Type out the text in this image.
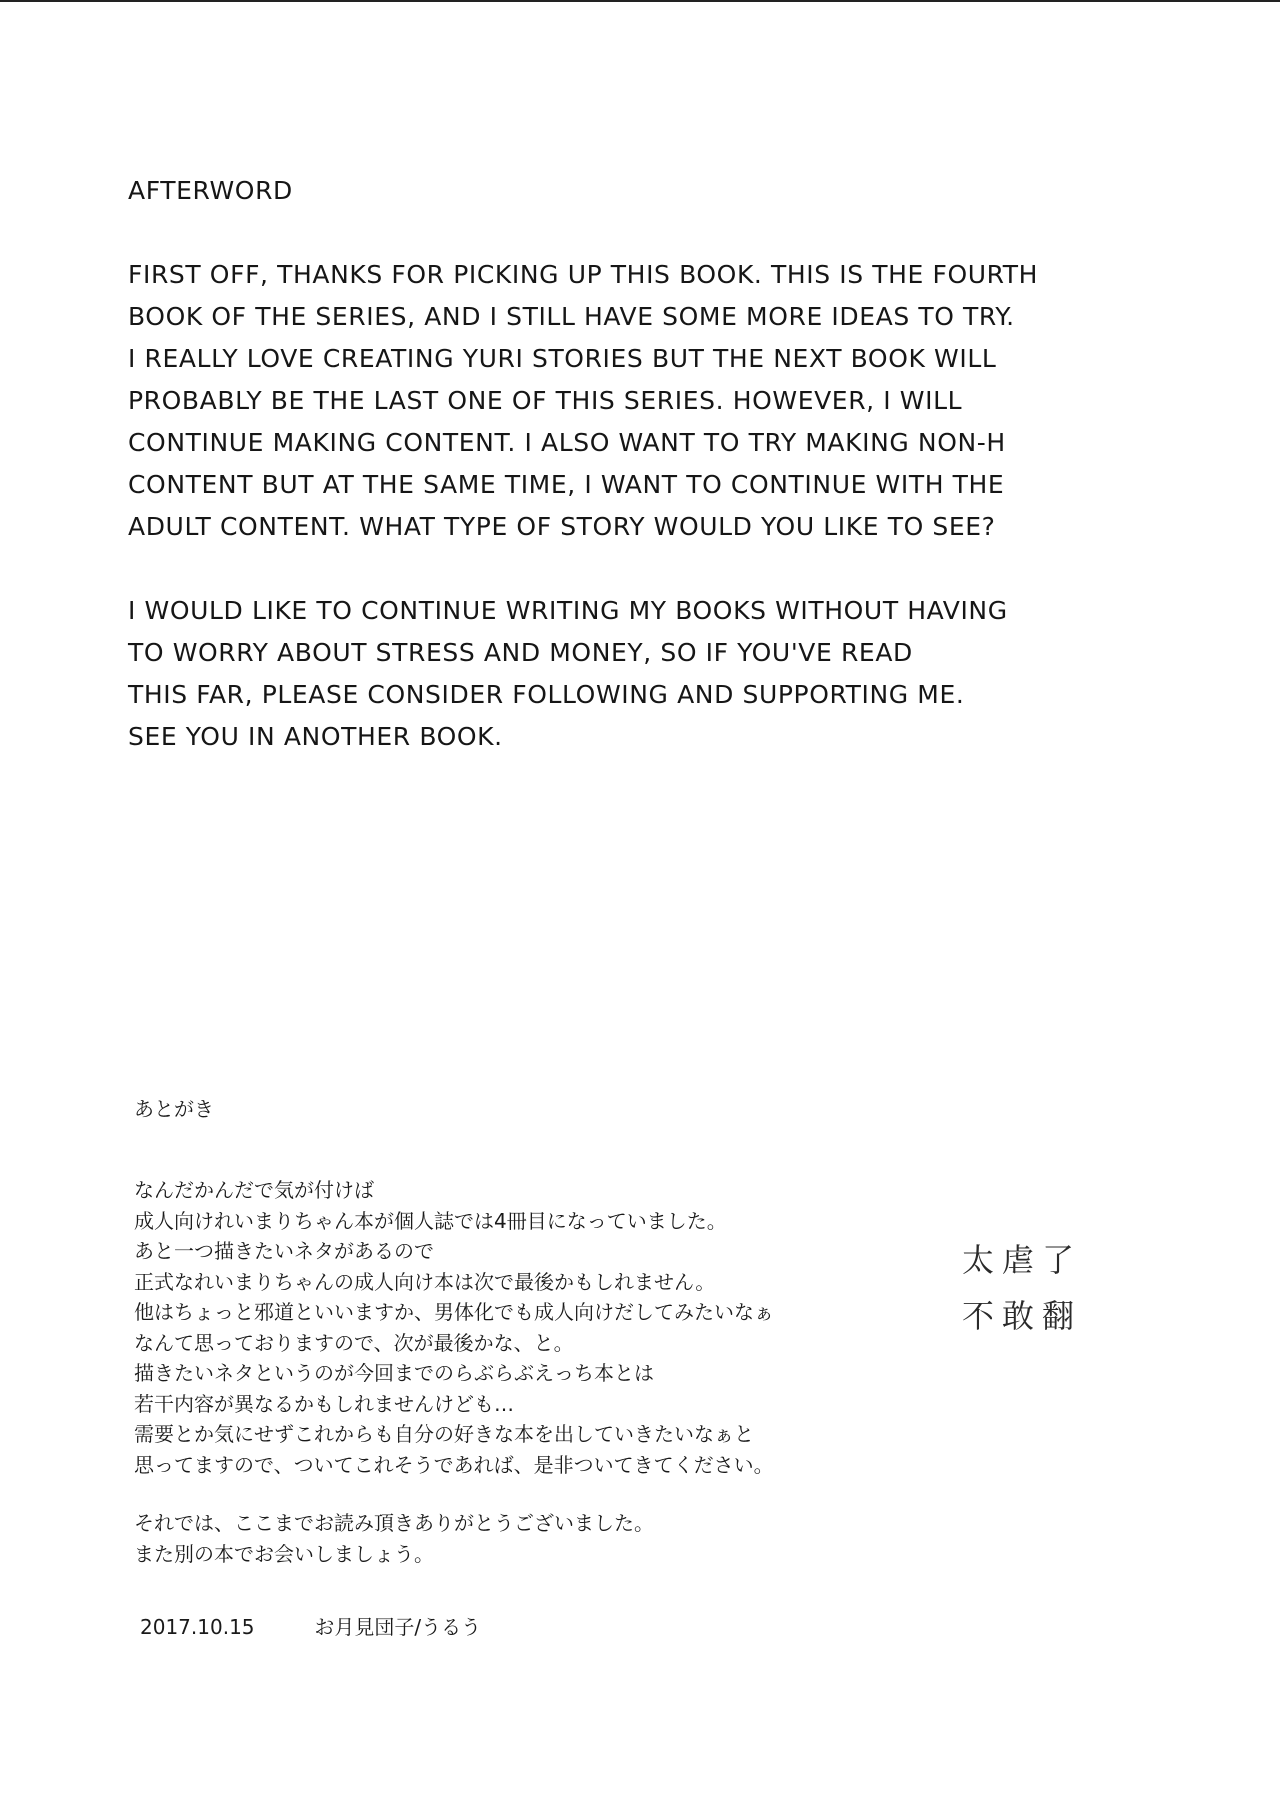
AFTERWORD
FIRST OFF, THANKS FOR PICKING UP THIS BOOK. THIS IS THE FOURTH
BOOK OF THE SERIES, AND I STILL HAVE SOME MORE IDEAS TO TRY.
I REALLY LOVE CREATING YURI STORIES BUT THE NEXT BOOK WILL
PROBABLY BE THE LAST ONE OF THIS SERIES. HOWEVER, I WILL
CONTINUE MAKING CONTENT. I ALSO WANT TO TRY MAKING NON-H
CONTENT BUT AT THE SAME TIME, I WANT TO CONTINUE WITH THE
ADULT CONTENT. WHAT TYPE OF STORY WOULD YOU LIKE TO SEE?
I WOULD LIKE TO CONTINUE WRITING MY BOOKS WITHOUT HAVING
TO WORRY ABOUT STRESS AND MONEY, SO IF YOU'VE READ
THIS FAR, PLEASE CONSIDER FOLLOWING AND SUPPORTING ME.
SEE YOU IN ANOTHER BOOK.
あとがき
なんだかんだで気が付けば
成人向けれいまりちゃん本が個人誌では4冊目になっていました。
あと一つ描きたいネタがあるので
正式なれいまりちゃんの成人向け本は次で最後かもしれません。
他はちょっと邪道といいますか、男体化でも成人向けだしてみたいなぁ
なんて思っておりますので、次が最後かな、と。
描きたいネタというのが今回までのらぶらぶえっち本とは
若干内容が異なるかもしれませんけども…
需要とか気にせずこれからも自分の好きな本を出していきたいなぁと
思ってますので、ついてこれそうであれば、是非ついてきてください。
それでは、ここまでお読み頂きありがとうございました。
また別の本でお会いしましょう。
2017.10.15	お月見団子/うるう
太虐了
不敢翻
